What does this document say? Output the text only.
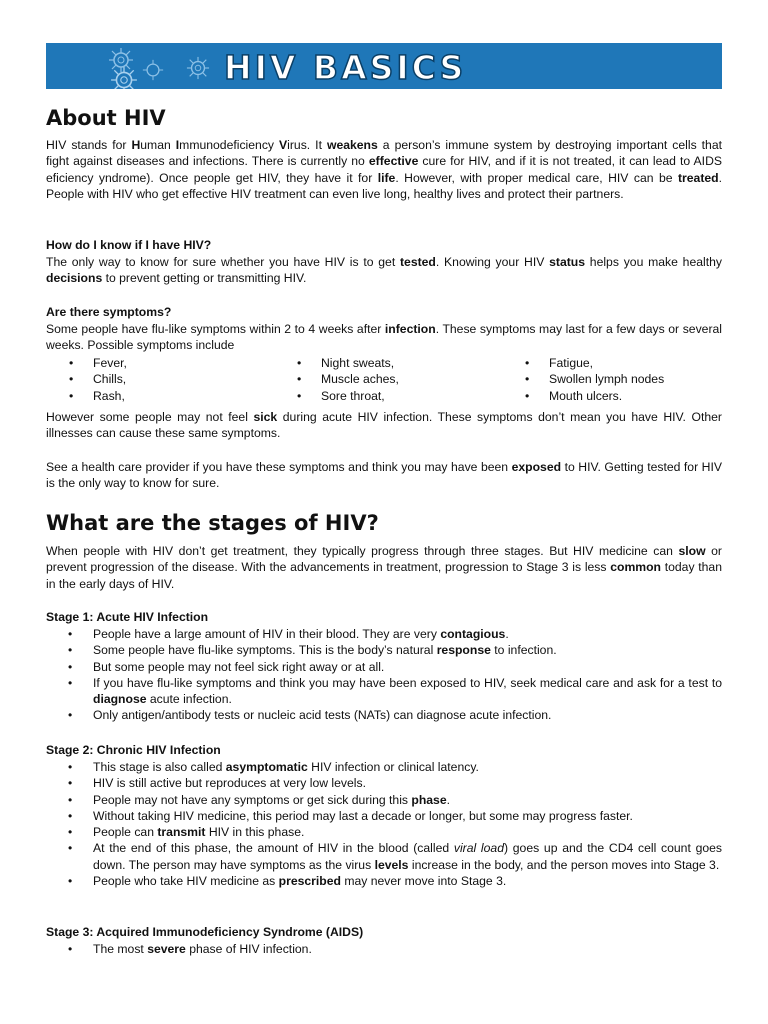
HIV BASICS
About HIV

HIV stands for Human Immunodeficiency Virus. It weakens a person’s immune system by destroying important cells that fight against diseases and infections. There is currently no effective cure for HIV, and if it is not treated, it can lead to AIDS eficiency yndrome). Once people get HIV, they have it for life. However, with proper medical care, HIV can be treated. People with HIV who get effective HIV treatment can even live long, healthy lives and protect their partners.

How do I know if I have HIV?

The only way to know for sure whether you have HIV is to get tested. Knowing your HIV status helps you make healthy decisions to prevent getting or transmitting HIV.

Are there symptoms?

Some people have flu-like symptoms within 2 to 4 weeks after infection. These symptoms may last for a few days or several weeks. Possible symptoms include

• Fever,
• Chills,
• Rash,
• Night sweats,
• Muscle aches,
• Sore throat,
• Fatigue,
• Swollen lymph nodes
• Mouth ulcers.

However some people may not feel sick during acute HIV infection. These symptoms don’t mean you have HIV. Other illnesses can cause these same symptoms.

See a health care provider if you have these symptoms and think you may have been exposed to HIV. Getting tested for HIV is the only way to know for sure.

What are the stages of HIV?

When people with HIV don’t get treatment, they typically progress through three stages. But HIV medicine can slow or prevent progression of the disease. With the advancements in treatment, progression to Stage 3 is less common today than in the early days of HIV.

Stage 1: Acute HIV Infection

• People have a large amount of HIV in their blood. They are very contagious.
• Some people have flu-like symptoms. This is the body’s natural response to infection.
• But some people may not feel sick right away or at all.
• If you have flu-like symptoms and think you may have been exposed to HIV, seek medical care and ask for a test to diagnose acute infection.
• Only antigen/antibody tests or nucleic acid tests (NATs) can diagnose acute infection.

Stage 2: Chronic HIV Infection

• This stage is also called asymptomatic HIV infection or clinical latency.
• HIV is still active but reproduces at very low levels.
• People may not have any symptoms or get sick during this phase.
• Without taking HIV medicine, this period may last a decade or longer, but some may progress faster.
• People can transmit HIV in this phase.
• At the end of this phase, the amount of HIV in the blood (called viral load) goes up and the CD4 cell count goes down. The person may have symptoms as the virus levels increase in the body, and the person moves into Stage 3.
• People who take HIV medicine as prescribed may never move into Stage 3.

Stage 3: Acquired Immunodeficiency Syndrome (AIDS)

• The most severe phase of HIV infection.
